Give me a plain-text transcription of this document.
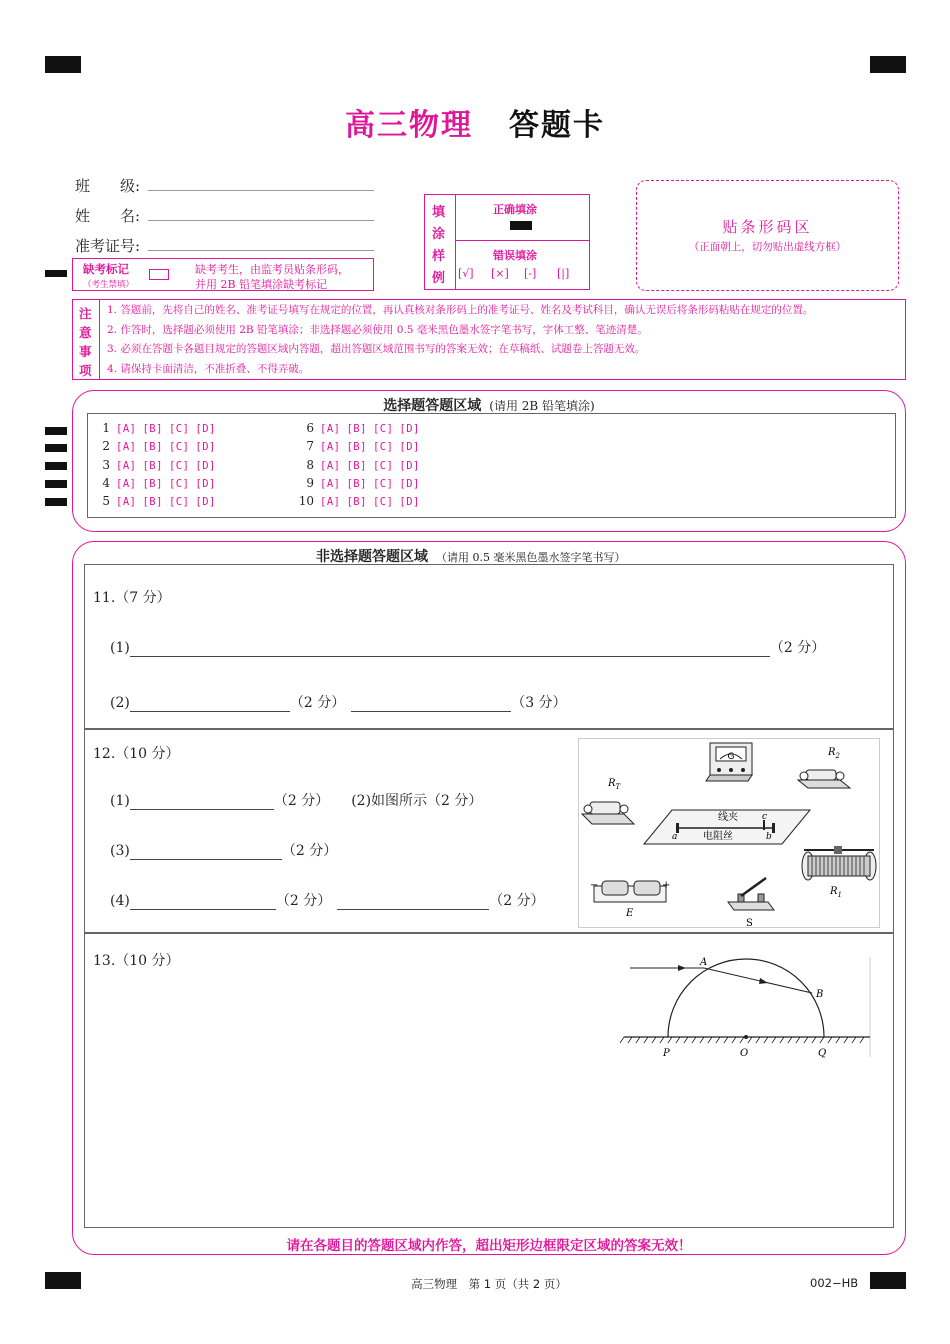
高三物理 答题卡
班　　级:
姓　　名:
准考证号:
缺考标记
（考生禁填）
缺考考生，由监考员贴条形码，
并用 2B 铅笔填涂缺考标记
填
涂
样
例
正确填涂
错误填涂
[√] [×] [-] [|]
贴条形码区
（正面朝上，切勿贴出虚线方框）
注
意
事
项
1. 答题前，先将自己的姓名、准考证号填写在规定的位置，再认真核对条形码上的准考证号、姓名及考试科目，确认无误后将条形码粘贴在规定的位置。
2. 作答时，选择题必须使用 2B 铅笔填涂；非选择题必须使用 0.5 毫米黑色墨水签字笔书写，字体工整、笔迹清楚。
3. 必须在答题卡各题目规定的答题区域内答题，超出答题区域范围书写的答案无效；在草稿纸、试题卷上答题无效。
4. 请保持卡面清洁，不准折叠、不得弄破。
选择题答题区域 (请用 2B 铅笔填涂)
1 [A] [B] [C] [D]
2 [A] [B] [C] [D]
3 [A] [B] [C] [D]
4 [A] [B] [C] [D]
5 [A] [B] [C] [D]
6 [A] [B] [C] [D]
7 [A] [B] [C] [D]
8 [A] [B] [C] [D]
9 [A] [B] [C] [D]
10 [A] [B] [C] [D]
非选择题答题区域 （请用 0.5 毫米黑色墨水签字笔书写）
11.（7 分）
(1)	（2 分）
(2)	（2 分）	（3 分）
12.（10 分）
(1)	（2 分） (2)如图所示（2 分）
(3)	（2 分）
(4)	（2 分）	（2 分）
G	$R_2$
$R_T$
线夹
电阻丝
a	b
c
$R_1$
−	+
E
S
13.（10 分）	A
B
P	O	Q
请在各题目的答题区域内作答，超出矩形边框限定区域的答案无效！
高三物理　第 1 页（共 2 页）	002−HB
